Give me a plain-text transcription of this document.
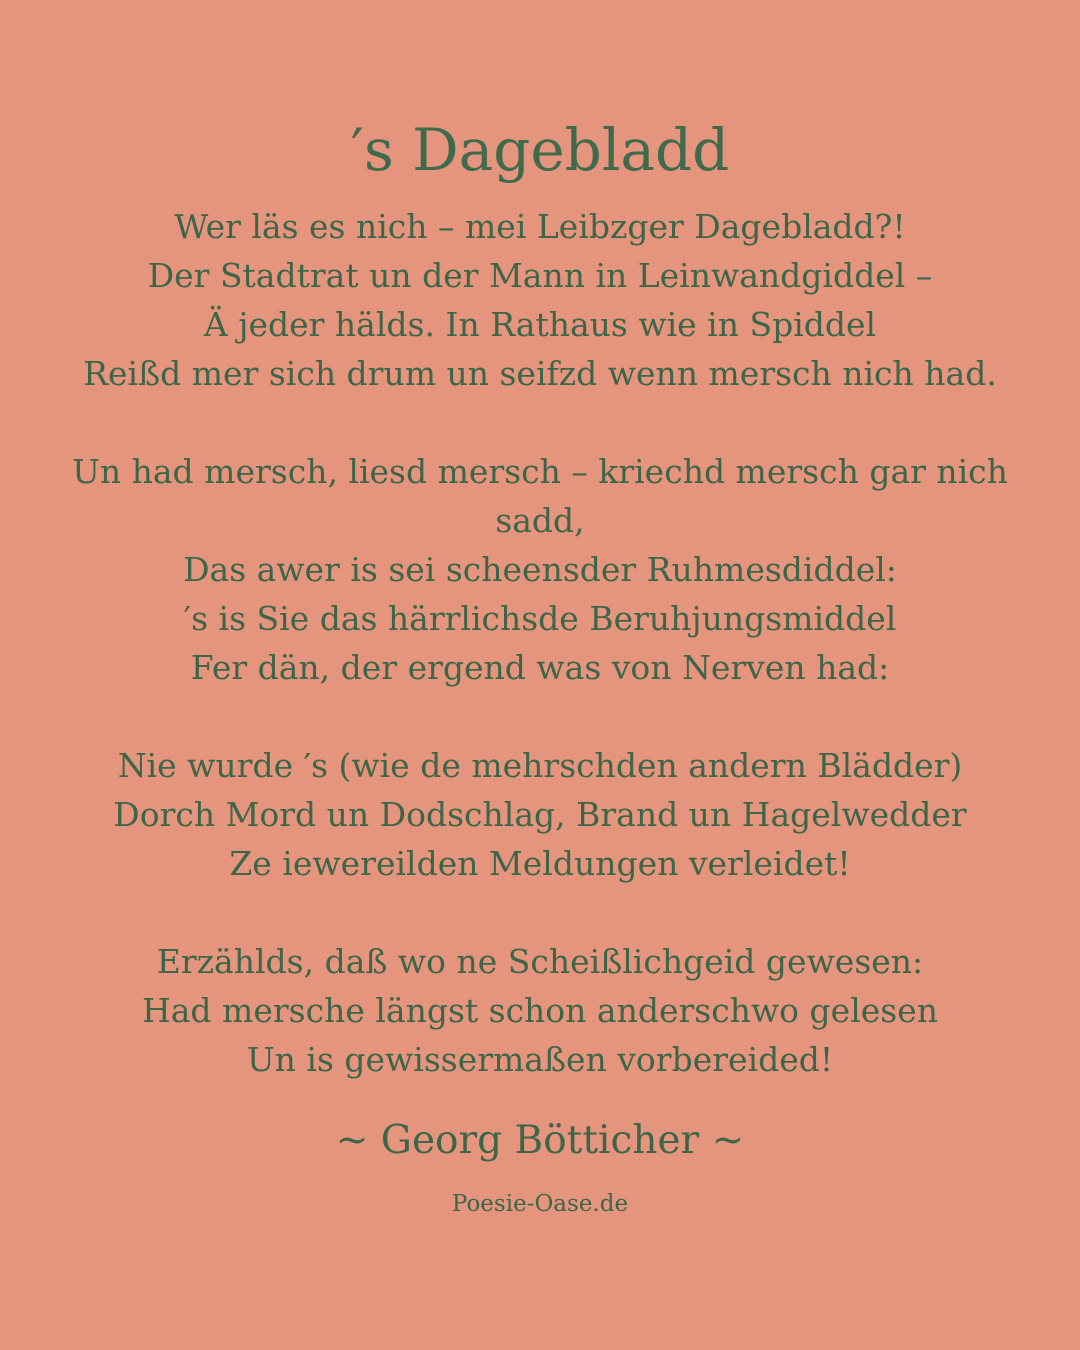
′s Dagebladd
Wer läs es nich – mei Leibzger Dagebladd?!
Der Stadtrat un der Mann in Leinwandgiddel –
Ä jeder hälds. In Rathaus wie in Spiddel
Reißd mer sich drum un seifzd wenn mersch nich had.
Un had mersch, liesd mersch – kriechd mersch gar nich
sadd,
Das awer is sei scheensder Ruhmesdiddel:
′s is Sie das härrlichsde Beruhjungsmiddel
Fer dän, der ergend was von Nerven had:
Nie wurde ′s (wie de mehrschden andern Blädder)
Dorch Mord un Dodschlag, Brand un Hagelwedder
Ze iewereilden Meldungen verleidet!
Erzählds, daß wo ne Scheißlichgeid gewesen:
Had mersche längst schon anderschwo gelesen
Un is gewissermaßen vorbereided!
~ Georg Bötticher ~
Poesie-Oase.de
